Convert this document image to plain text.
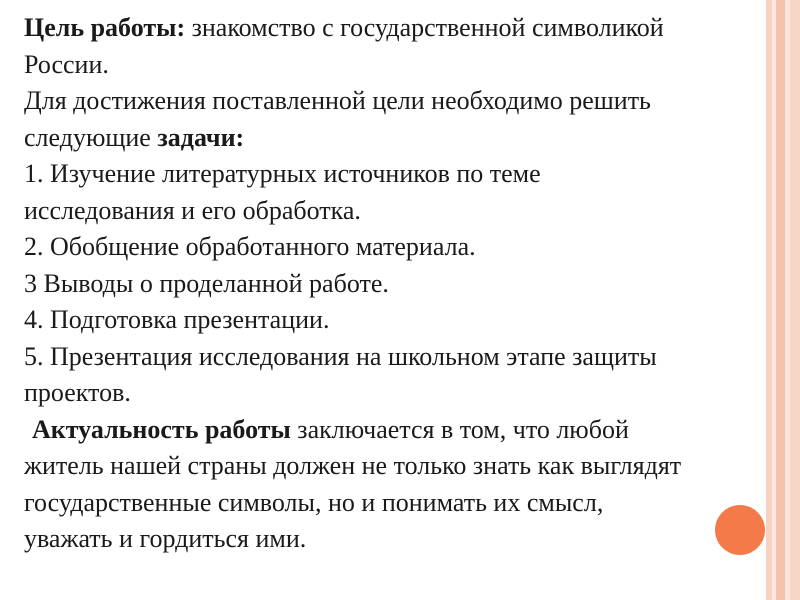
Цель работы: знакомство с государственной символикой

России.

Для достижения поставленной цели необходимо решить

следующие задачи:

1. Изучение литературных источников по теме

исследования и его обработка.

2. Обобщение обработанного материала.

3 Выводы о проделанной работе.

4. Подготовка презентации.

5. Презентация исследования на школьном этапе защиты

проектов.

Актуальность работы заключается в том, что любой

житель нашей страны должен не только знать как выглядят

государственные символы, но и понимать их смысл,

уважать и гордиться ими.
